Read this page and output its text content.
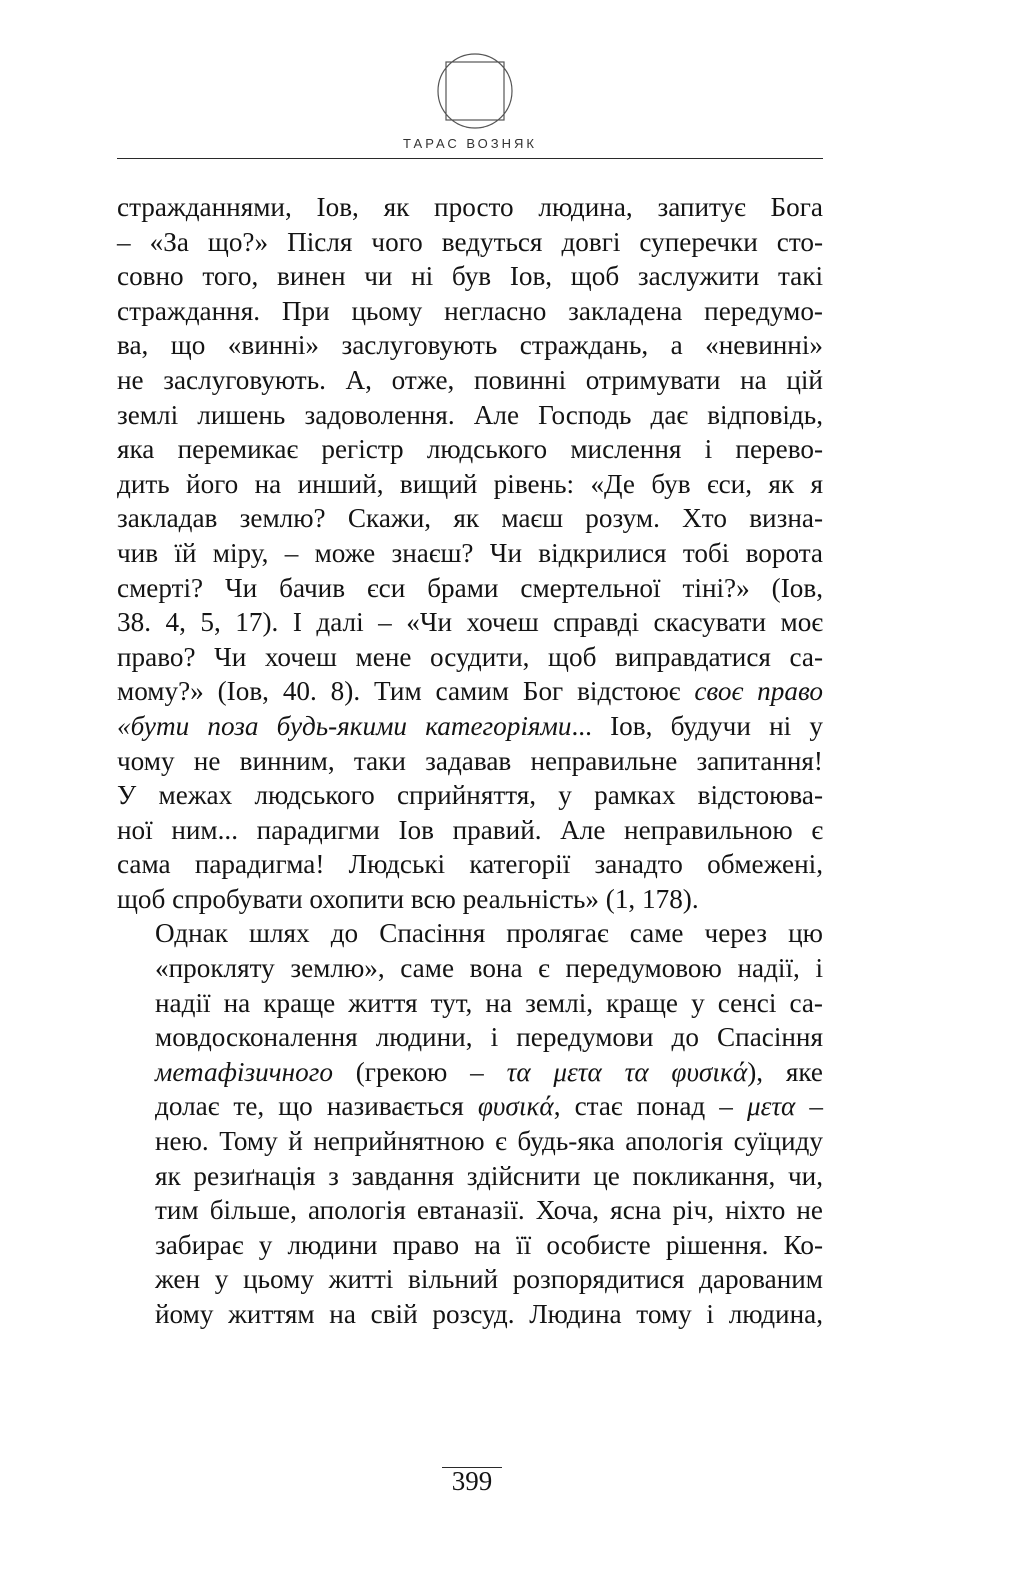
ТАРАС ВОЗНЯК

стражданнями, Іов, як просто людина, запитує Бога
– «За що?» Після чого ведуться довгі суперечки сто-
совно того, винен чи ні був Іов, щоб заслужити такі
страждання. При цьому негласно закладена передумо-
ва, що «винні» заслуговують страждань, а «невинні»
не заслуговують. А, отже, повинні отримувати на цій
землі лишень задоволення. Але Господь дає відповідь,
яка перемикає регістр людського мислення і перево-
дить його на инший, вищий рівень: «Де був єси, як я
закладав землю? Скажи, як маєш розум. Хто визна-
чив їй міру, – може знаєш? Чи відкрилися тобі ворота
смерті? Чи бачив єси брами смертельної тіні?» (Іов,
38. 4, 5, 17). І далі – «Чи хочеш справді скасувати моє
право? Чи хочеш мене осудити, щоб виправдатися са-
мому?» (Іов, 40. 8). Тим самим Бог відстоює своє право
«бути поза будь-якими категоріями... Іов, будучи ні у
чому не винним, таки задавав неправильне запитання!
У межах людського сприйняття, у рамках відстоюва-
ної ним... парадигми Іов правий. Але неправильною є
сама парадигма! Людські категорії занадто обмежені,
щоб спробувати охопити всю реальність» (1, 178).

Однак шлях до Спасіння пролягає саме через цю
«прокляту землю», саме вона є передумовою надії, і
надії на краще життя тут, на землі, краще у сенсі са-
мовдосконалення людини, і передумови до Спасіння
метафізичного (грекою – τα μετα τα φυσικά), яке
долає те, що називається φυσικά, стає понад – μετα –
нею. Тому й неприйнятною є будь-яка апологія суїциду
як резиґнація з завдання здійснити це покликання, чи,
тим більше, апологія евтаназії. Хоча, ясна річ, ніхто не
забирає у людини право на її особисте рішення. Ко-
жен у цьому житті вільний розпорядитися дарованим
йому життям на свій розсуд. Людина тому і людина,

399
